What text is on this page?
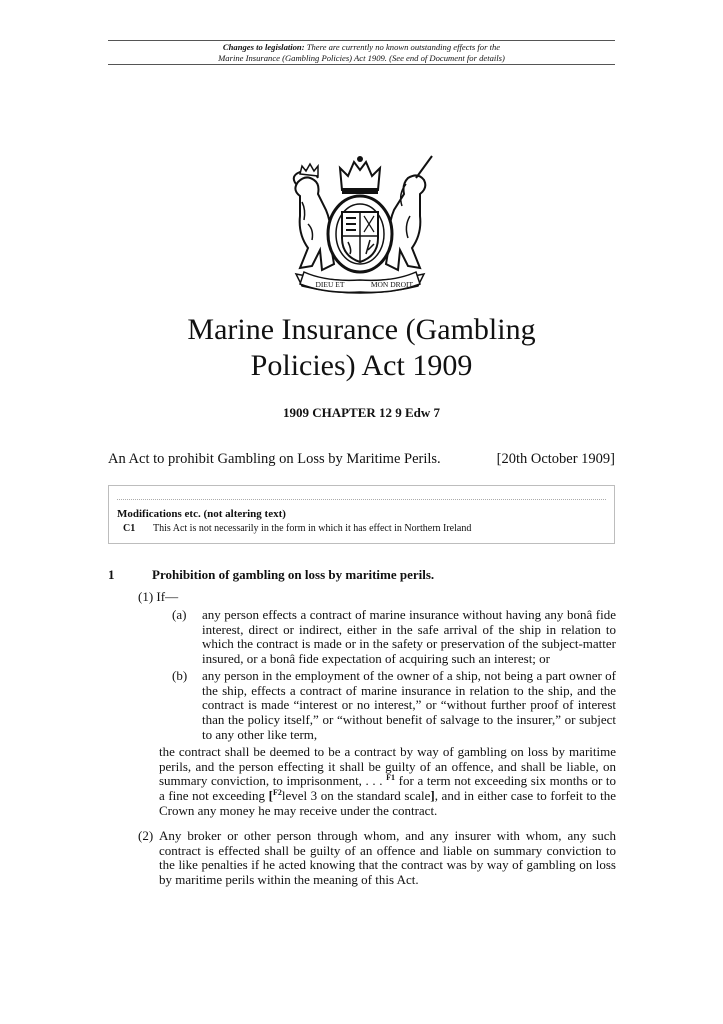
Changes to legislation: There are currently no known outstanding effects for the
Marine Insurance (Gambling Policies) Act 1909. (See end of Document for details)
DIEU ET	MON DROIT
Marine Insurance (Gambling
Policies) Act 1909
1909 CHAPTER 12 9 Edw 7
An Act to prohibit Gambling on Loss by Maritime Perils.	[20th October 1909]
Modifications etc. (not altering text)
C1 This Act is not necessarily in the form in which it has effect in Northern Ireland
1	Prohibition of gambling on loss by maritime perils.
(1) If—
(a) any person effects a contract of marine insurance without having any bonâ fide interest, direct or indirect, either in the safe arrival of the ship in relation to which the contract is made or in the safety or preservation of the subject-matter insured, or a bonâ fide expectation of acquiring such an interest; or
(b) any person in the employment of the owner of a ship, not being a part owner of the ship, effects a contract of marine insurance in relation to the ship, and the contract is made “interest or no interest,” or “without further proof of interest than the policy itself,” or “without benefit of salvage to the insurer,” or subject to any other like term,
the contract shall be deemed to be a contract by way of gambling on loss by maritime perils, and the person effecting it shall be guilty of an offence, and shall be liable, on summary conviction, to imprisonment, . . . $^{F1}$ for a term not exceeding six months or to a fine not exceeding [$^{F2}$level 3 on the standard scale], and in either case to forfeit to the Crown any money he may receive under the contract.
(2) Any broker or other person through whom, and any insurer with whom, any such contract is effected shall be guilty of an offence and liable on summary conviction to the like penalties if he acted knowing that the contract was by way of gambling on loss by maritime perils within the meaning of this Act.
